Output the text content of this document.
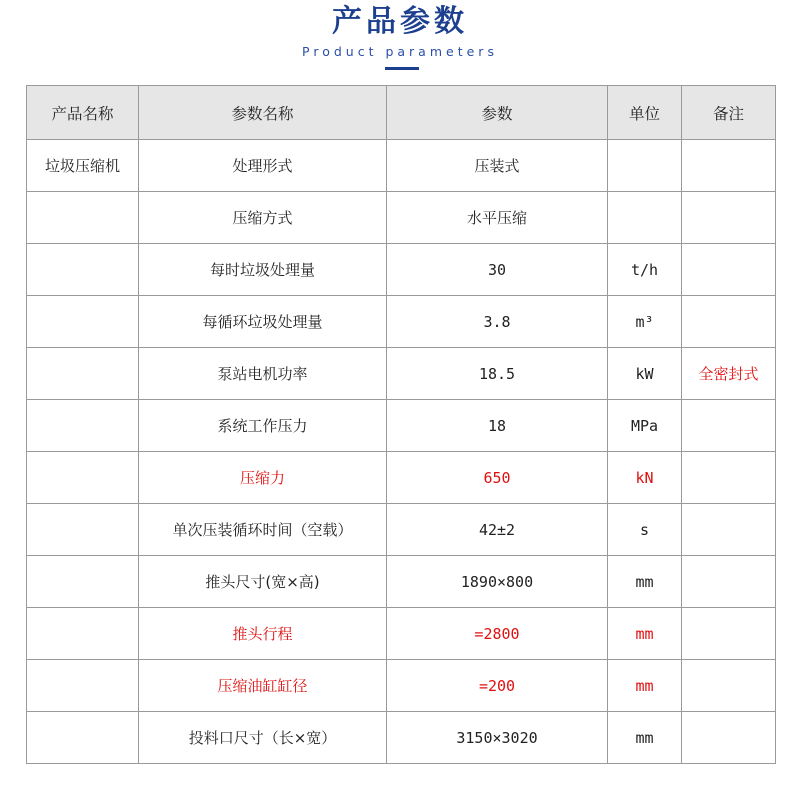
产品参数
Product parameters
产品名称	参数名称	参数	单位	备注
垃圾压缩机	处理形式	压装式		
	压缩方式	水平压缩		
	每时垃圾处理量	30	t/h	
	每循环垃圾处理量	3.8	m³	
	泵站电机功率	18.5	kW	全密封式
	系统工作压力	18	MPa	
	压缩力	650	kN	
	单次压装循环时间（空载）	42±2	s	
	推头尺寸(宽×高)	1890×800	mm	
	推头行程	=2800	mm	
	压缩油缸缸径	=200	mm	
	投料口尺寸（长×宽）	3150×3020	mm	
